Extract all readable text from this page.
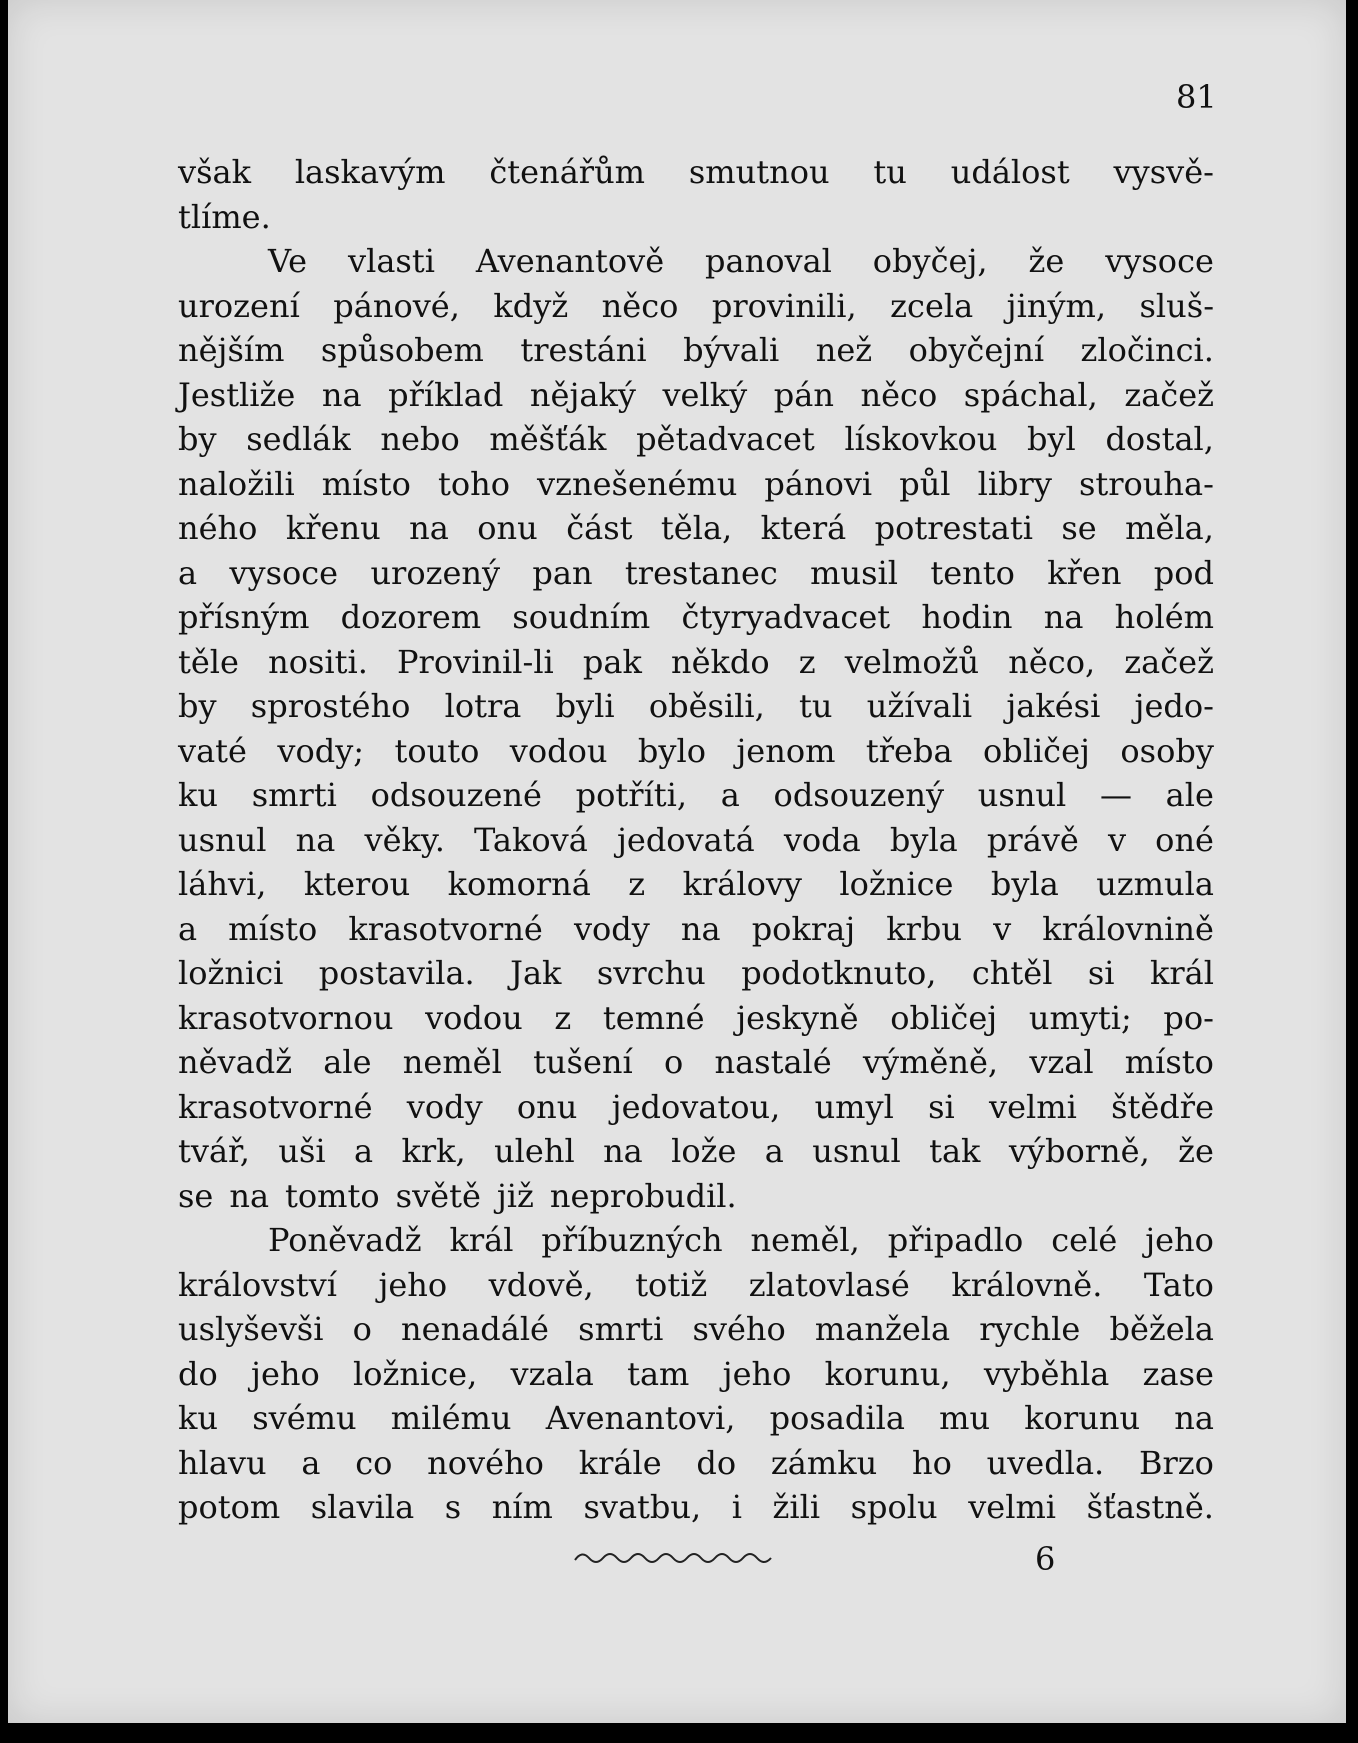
81
však laskavým čtenářům smutnou tu událost vysvě-
tlíme.
Ve vlasti Avenantově panoval obyčej, že vysoce
urození pánové, když něco provinili, zcela jiným, sluš-
nějším spůsobem trestáni bývali než obyčejní zločinci.
Jestliže na příklad nějaký velký pán něco spáchal, začež
by sedlák nebo měšťák pětadvacet lískovkou byl dostal,
naložili místo toho vznešenému pánovi půl libry strouha-
ného křenu na onu část těla, která potrestati se měla,
a vysoce urozený pan trestanec musil tento křen pod
přísným dozorem soudním čtyryadvacet hodin na holém
těle nositi. Provinil-li pak někdo z velmožů něco, začež
by sprostého lotra byli oběsili, tu užívali jakési jedo-
vaté vody; touto vodou bylo jenom třeba obličej osoby
ku smrti odsouzené potříti, a odsouzený usnul — ale
usnul na věky. Taková jedovatá voda byla právě v oné
láhvi, kterou komorná z královy ložnice byla uzmula
a místo krasotvorné vody na pokraj krbu v královnině
ložnici postavila. Jak svrchu podotknuto, chtěl si král
krasotvornou vodou z temné jeskyně obličej umyti; po-
něvadž ale neměl tušení o nastalé výměně, vzal místo
krasotvorné vody onu jedovatou, umyl si velmi štědře
tvář, uši a krk, ulehl na lože a usnul tak výborně, že
se na tomto světě již neprobudil.
Poněvadž král příbuzných neměl, připadlo celé jeho
království jeho vdově, totiž zlatovlasé královně. Tato
uslyševši o nenadálé smrti svého manžela rychle běžela
do jeho ložnice, vzala tam jeho korunu, vyběhla zase
ku svému milému Avenantovi, posadila mu korunu na
hlavu a co nového krále do zámku ho uvedla. Brzo
potom slavila s ním svatbu, i žili spolu velmi šťastně.
6
